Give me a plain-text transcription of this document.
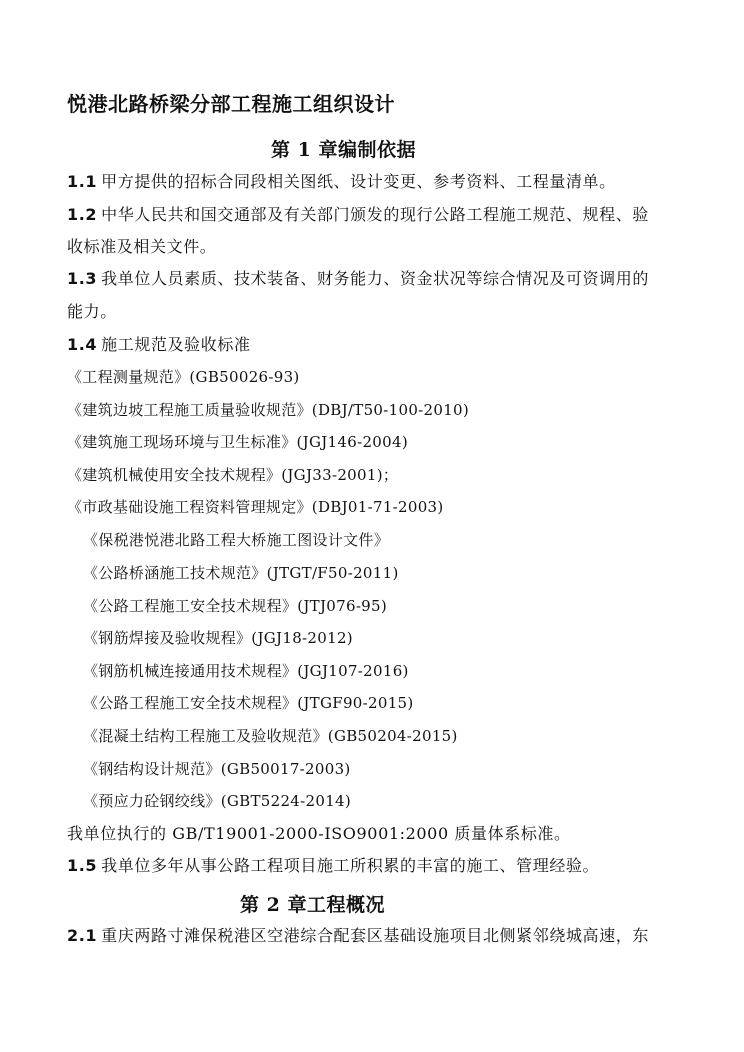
悦港北路桥梁分部工程施工组织设计
第 1 章编制依据
1.1 甲方提供的招标合同段相关图纸、设计变更、参考资料、工程量清单。
1.2 中华人民共和国交通部及有关部门颁发的现行公路工程施工规范、规程、验
收标准及相关文件。
1.3 我单位人员素质、技术装备、财务能力、资金状况等综合情况及可资调用的
能力。
1.4 施工规范及验收标准
《工程测量规范》(GB50026-93)
《建筑边坡工程施工质量验收规范》(DBJ/T50-100-2010)
《建筑施工现场环境与卫生标准》(JGJ146-2004)
《建筑机械使用安全技术规程》(JGJ33-2001)；
《市政基础设施工程资料管理规定》(DBJ01-71-2003)
《保税港悦港北路工程大桥施工图设计文件》
《公路桥涵施工技术规范》(JTGT/F50-2011)
《公路工程施工安全技术规程》(JTJ076-95)
《钢筋焊接及验收规程》(JGJ18-2012)
《钢筋机械连接通用技术规程》(JGJ107-2016)
《公路工程施工安全技术规程》(JTGF90-2015)
《混凝土结构工程施工及验收规范》(GB50204-2015)
《钢结构设计规范》(GB50017-2003)
《预应力砼钢绞线》(GBT5224-2014)
我单位执行的 GB/T19001-2000-ISO9001:2000 质量体系标准。
1.5 我单位多年从事公路工程项目施工所积累的丰富的施工、管理经验。
第 2 章工程概况
2.1 重庆两路寸滩保税港区空港综合配套区基础设施项目北侧紧邻绕城高速，东
